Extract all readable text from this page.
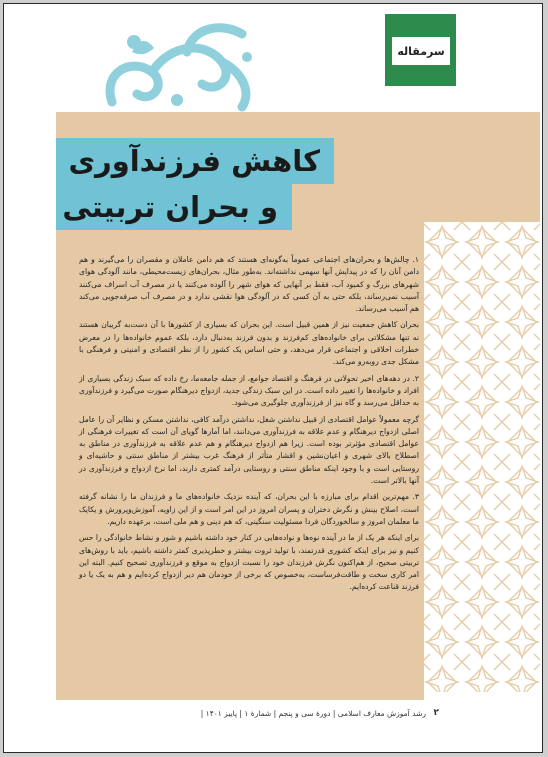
سرمقاله
کاهش فرزندآوری
و بحران تربیتی

۱. چالش‌ها و بحران‌های اجتماعی عموماً به‌گونه‌ای هستند که هم دامن عاملان و مقصران را می‌گیرند و هم دامن آنان را که در پیدایش آنها سهمی نداشته‌اند. به‌طور مثال، بحران‌های زیست‌محیطی، مانند آلودگی هوای شهرهای بزرگ و کمبود آب، فقط بر آنهایی که هوای شهر را آلوده می‌کنند یا در مصرف آب اسراف می‌کنند آسیب نمی‌رساند، بلکه حتی به آن کسی که در آلودگی هوا نقشی ندارد و در مصرف آب صرفه‌جویی می‌کند هم آسیب می‌رساند.

بحران کاهش جمعیت نیز از همین قبیل است. این بحران که بسیاری از کشورها با آن دست‌به گریبان هستند نه تنها مشکلاتی برای خانواده‌های کم‌فرزند و بدون فرزند به‌دنبال دارد، بلکه عموم خانواده‌ها را در معرض خطرات اخلاقی و اجتماعی قرار می‌دهد، و حتی اساس یک کشور را از نظر اقتصادی و امنیتی و فرهنگی با مشکل جدی روبه‌رو می‌کند.

۲. در دهه‌های اخیر تحولاتی در فرهنگ و اقتصاد جوامع، از جمله جامعه‌ما، رخ داده که سبک زندگی بسیاری از افراد و خانواده‌ها را تغییر داده است. در این سبک زندگی جدید، ازدواج دیرهنگام صورت می‌گیرد و فرزندآوری به حداقل می‌رسد و گاه نیز از فرزندآوری جلوگیری می‌شود.

گرچه معمولاً عوامل اقتصادی از قبیل نداشتن شغل، نداشتن درآمد کافی، نداشتن مسکن و نظایر آن را عامل اصلی ازدواج دیرهنگام و عدم علاقه به فرزندآوری می‌دانند، اما آمارها گویای آن است که تغییرات فرهنگی از عوامل اقتصادی مؤثرتر بوده است. زیرا هم ازدواج دیرهنگام و هم عدم علاقه به فرزندآوری در مناطق به اصطلاح بالای شهری و اعیان‌نشین و اقشار متأثر از فرهنگ غرب بیشتر از مناطق سنتی و حاشیه‌ای و روستایی است و با وجود اینکه مناطق سنتی و روستایی درآمد کمتری دارند، اما نرخ ازدواج و فرزندآوری در آنها بالاتر است.

۳. مهم‌ترین اقدام برای مبارزه با این بحران، که آینده نزدیک خانواده‌های ما و فرزندان ما را نشانه گرفته است، اصلاح بینش و نگرش دختران و پسران امروز در این امر است و از این زاویه، آموزش‌وپرورش و یکایک ما معلمان امروز و سالخوردگان فردا مسئولیت سنگینی، که هم دینی و هم ملی است، برعهده داریم.

برای اینکه هر یک از ما در آینده نوه‌ها و نواده‌هایی در کنار خود داشته باشیم و شور و نشاط خانوادگی را حس کنیم و نیز برای اینکه کشوری قدرتمند، با تولید ثروت بیشتر و خطرپذیری کمتر داشته باشیم، باید با روش‌های تربیتی صحیح، از هم‌اکنون نگرش فرزندان خود را نسبت ازدواج به موقع و فرزندآوری تصحیح کنیم. البته این امر کاری سخت و طاقت‌فرساست، به‌خصوص که برخی از خودمان هم دیر ازدواج کرده‌ایم و هم به یک یا دو فرزند قناعت کرده‌ایم.

۲
رشد آموزش معارف اسلامی | دورۀ سی و پنجم | شمارۀ ۱ | پاییز ۱۴۰۱ |
